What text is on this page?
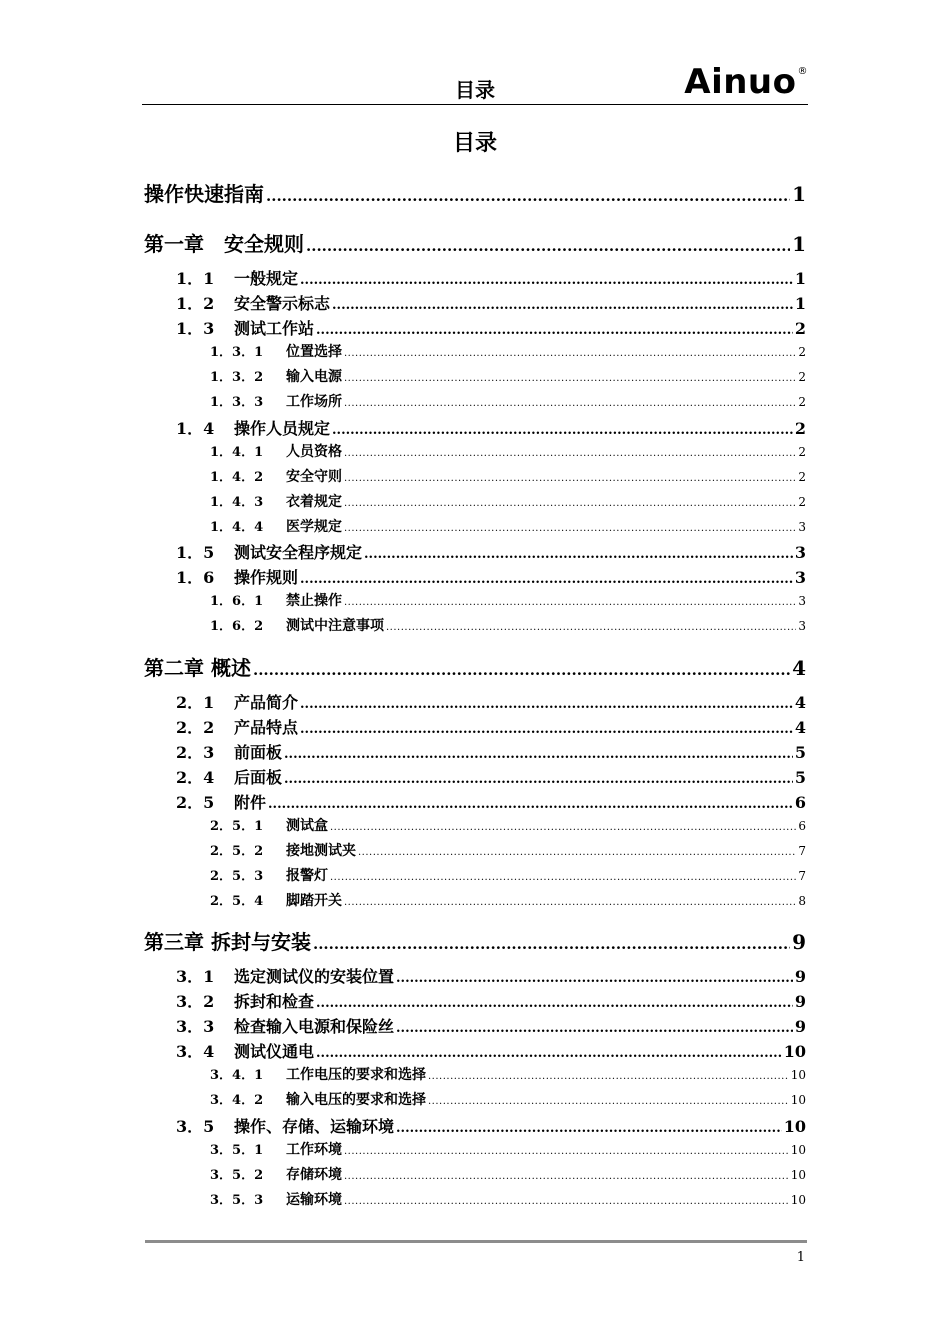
目录	Ainuo®
目录
操作快速指南 .....	1
第一章　安全规则 .....	1
1．1	一般规定 .....	1
1．2	安全警示标志 .....	1
1．3	测试工作站 .....	2
1．3．1	位置选择 .....	2
1．3．2	输入电源 .....	2
1．3．3	工作场所 .....	2
1．4	操作人员规定 .....	2
1．4．1	人员资格 .....	2
1．4．2	安全守则 .....	2
1．4．3	衣着规定 .....	2
1．4．4	医学规定 .....	3
1．5	测试安全程序规定 .....	3
1．6	操作规则 .....	3
1．6．1	禁止操作 .....	3
1．6．2	测试中注意事项 .....	3
第二章 概述 .....	4
2．1	产品简介 .....	4
2．2	产品特点 .....	4
2．3	前面板 .....	5
2．4	后面板 .....	5
2．5	附件 .....	6
2．5．1	测试盒 .....	6
2．5．2	接地测试夹 .....	7
2．5．3	报警灯 .....	7
2．5．4	脚踏开关 .....	8
第三章 拆封与安装 .....	9
3．1	选定测试仪的安装位置 .....	9
3．2	拆封和检查 .....	9
3．3	检查输入电源和保险丝 .....	9
3．4	测试仪通电 .....	10
3．4．1	工作电压的要求和选择 .....	10
3．4．2	输入电压的要求和选择 .....	10
3．5	操作、存储、运输环境 .....	10
3．5．1	工作环境 .....	10
3．5．2	存储环境 .....	10
3．5．3	运输环境 .....	10
1
